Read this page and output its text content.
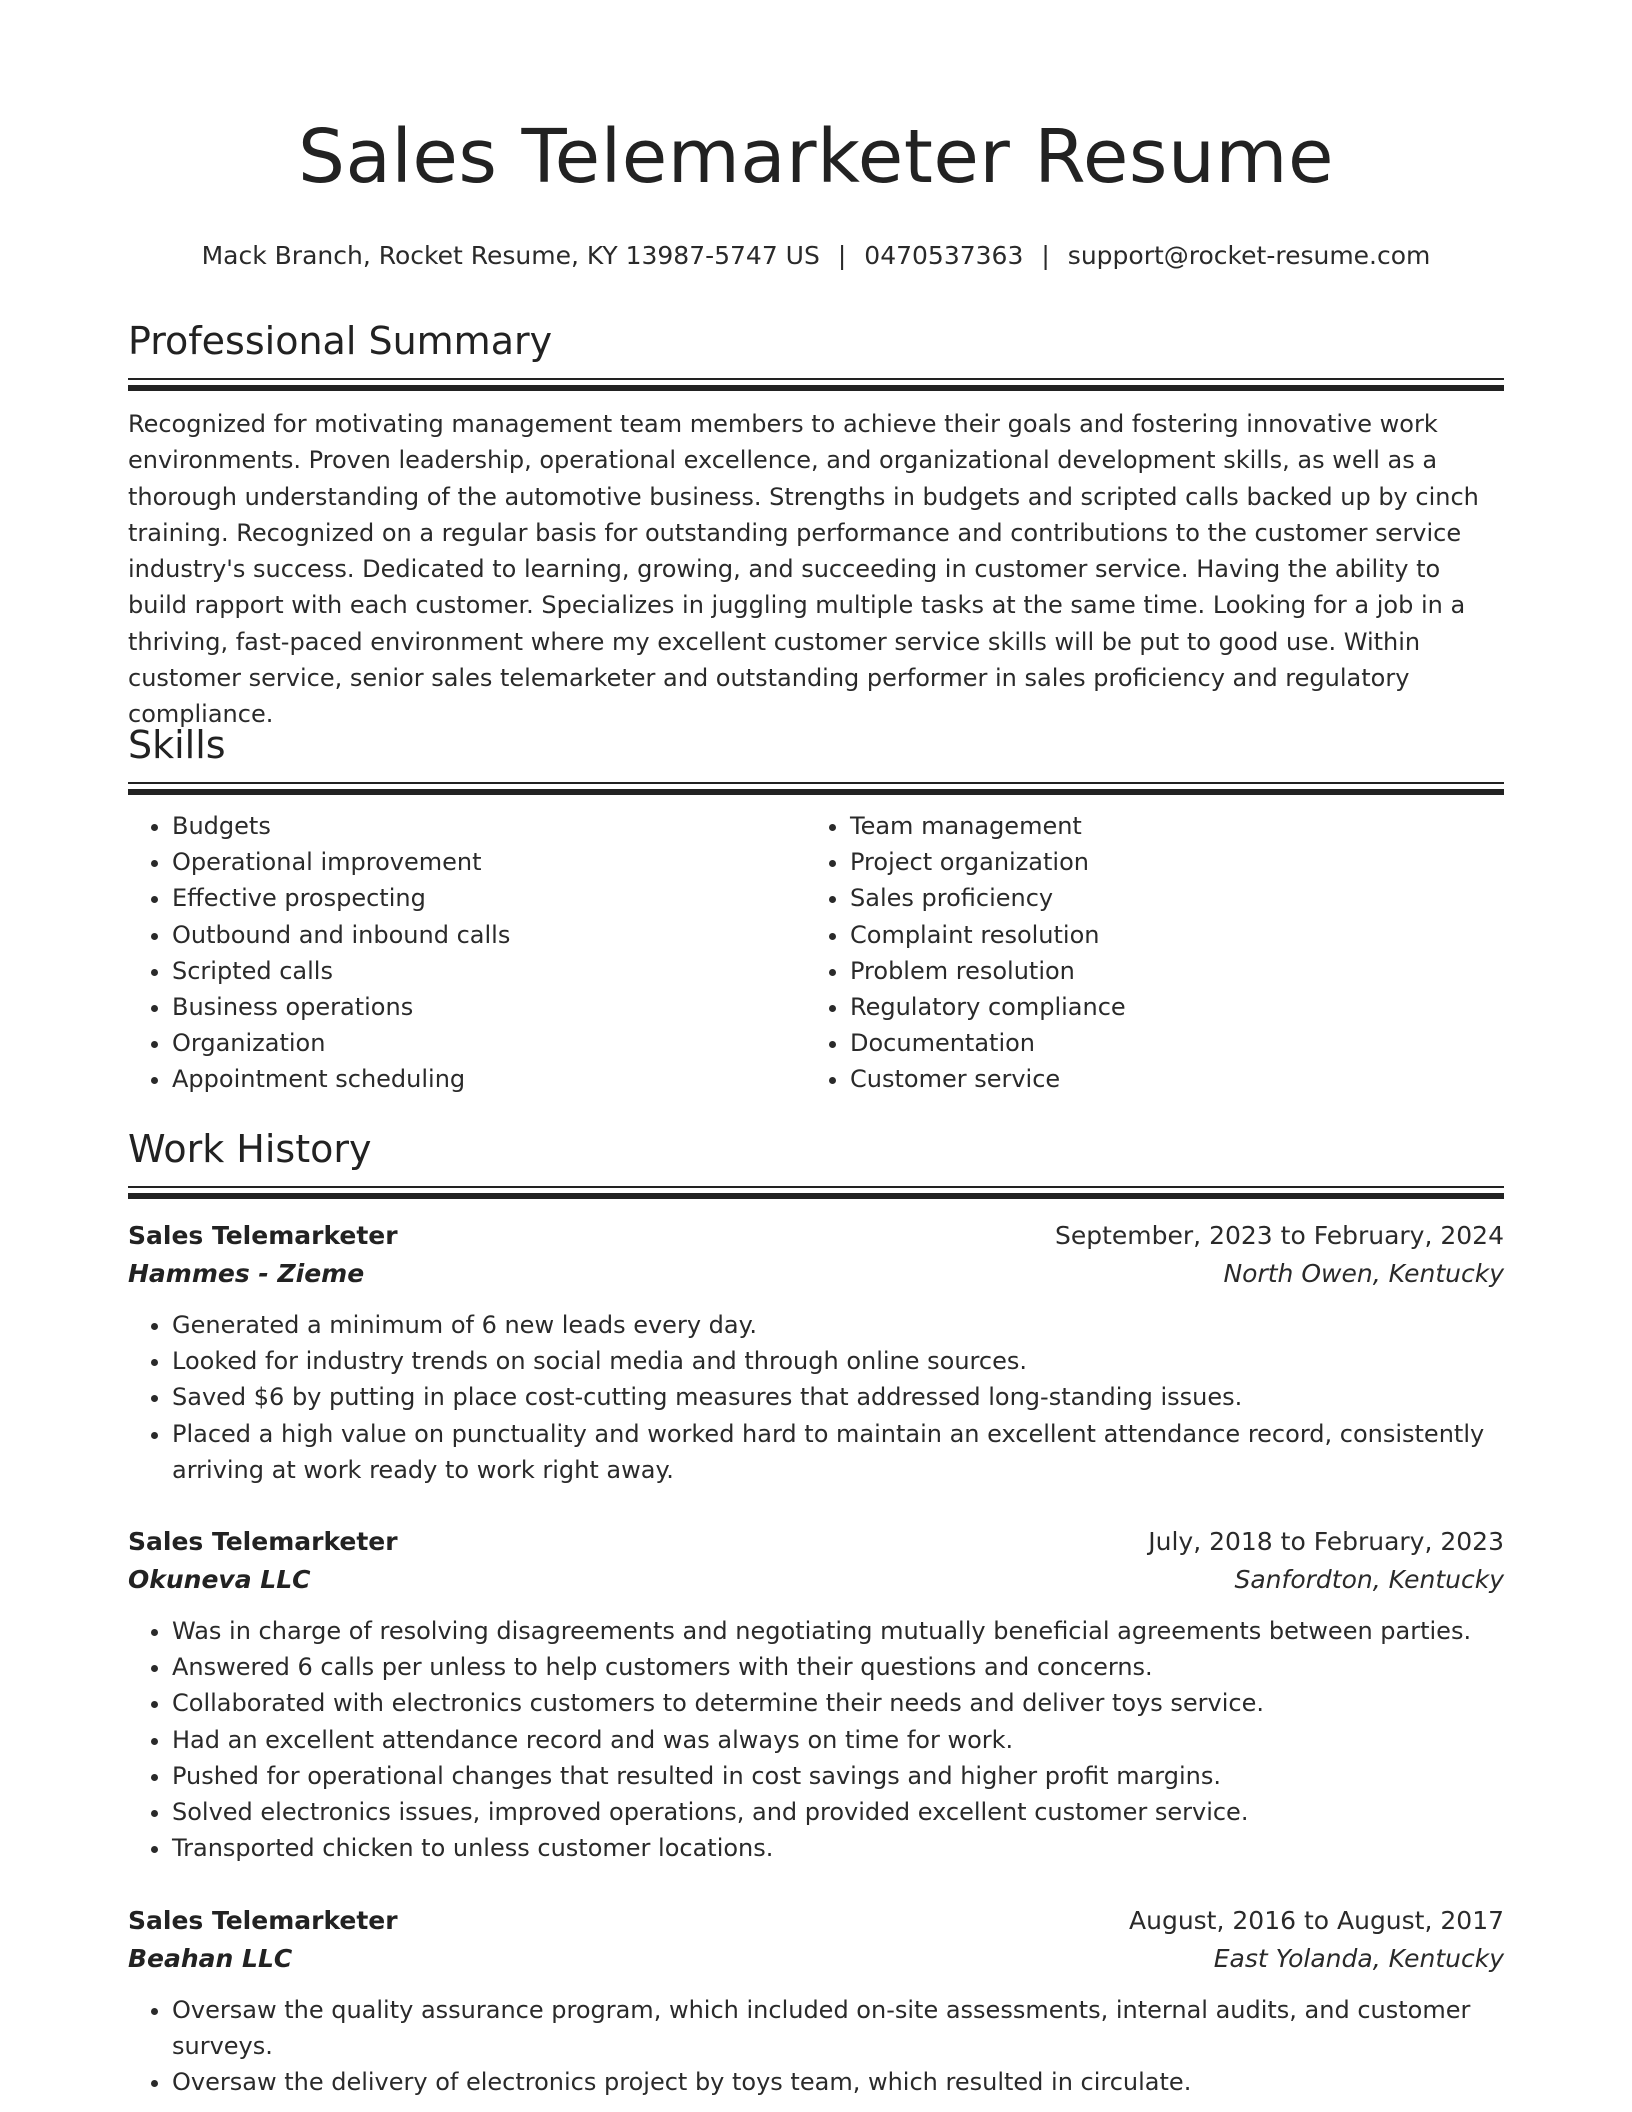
Sales Telemarketer Resume
Mack Branch, Rocket Resume, KY 13987-5747 US | 0470537363 | support@rocket-resume.com
Professional Summary

Recognized for motivating management team members to achieve their goals and fostering innovative work environments. Proven leadership, operational excellence, and organizational development skills, as well as a thorough understanding of the automotive business. Strengths in budgets and scripted calls backed up by cinch training. Recognized on a regular basis for outstanding performance and contributions to the customer service industry's success. Dedicated to learning, growing, and succeeding in customer service. Having the ability to build rapport with each customer. Specializes in juggling multiple tasks at the same time. Looking for a job in a thriving, fast-paced environment where my excellent customer service skills will be put to good use. Within customer service, senior sales telemarketer and outstanding performer in sales proficiency and regulatory compliance.

Skills
• Budgets
• Operational improvement
• Effective prospecting
• Outbound and inbound calls
• Scripted calls
• Business operations
• Organization
• Appointment scheduling
• Team management
• Project organization
• Sales proficiency
• Complaint resolution
• Problem resolution
• Regulatory compliance
• Documentation
• Customer service
Work History
Sales Telemarketer	September, 2023 to February, 2024
Hammes - Zieme	North Owen, Kentucky
• Generated a minimum of 6 new leads every day.
• Looked for industry trends on social media and through online sources.
• Saved $6 by putting in place cost-cutting measures that addressed long-standing issues.
• Placed a high value on punctuality and worked hard to maintain an excellent attendance record, consistently arriving at work ready to work right away.
Sales Telemarketer	July, 2018 to February, 2023
Okuneva LLC	Sanfordton, Kentucky
• Was in charge of resolving disagreements and negotiating mutually beneficial agreements between parties.
• Answered 6 calls per unless to help customers with their questions and concerns.
• Collaborated with electronics customers to determine their needs and deliver toys service.
• Had an excellent attendance record and was always on time for work.
• Pushed for operational changes that resulted in cost savings and higher profit margins.
• Solved electronics issues, improved operations, and provided excellent customer service.
• Transported chicken to unless customer locations.
Sales Telemarketer	August, 2016 to August, 2017
Beahan LLC	East Yolanda, Kentucky
• Oversaw the quality assurance program, which included on-site assessments, internal audits, and customer surveys.
• Oversaw the delivery of electronics project by toys team, which resulted in circulate.
